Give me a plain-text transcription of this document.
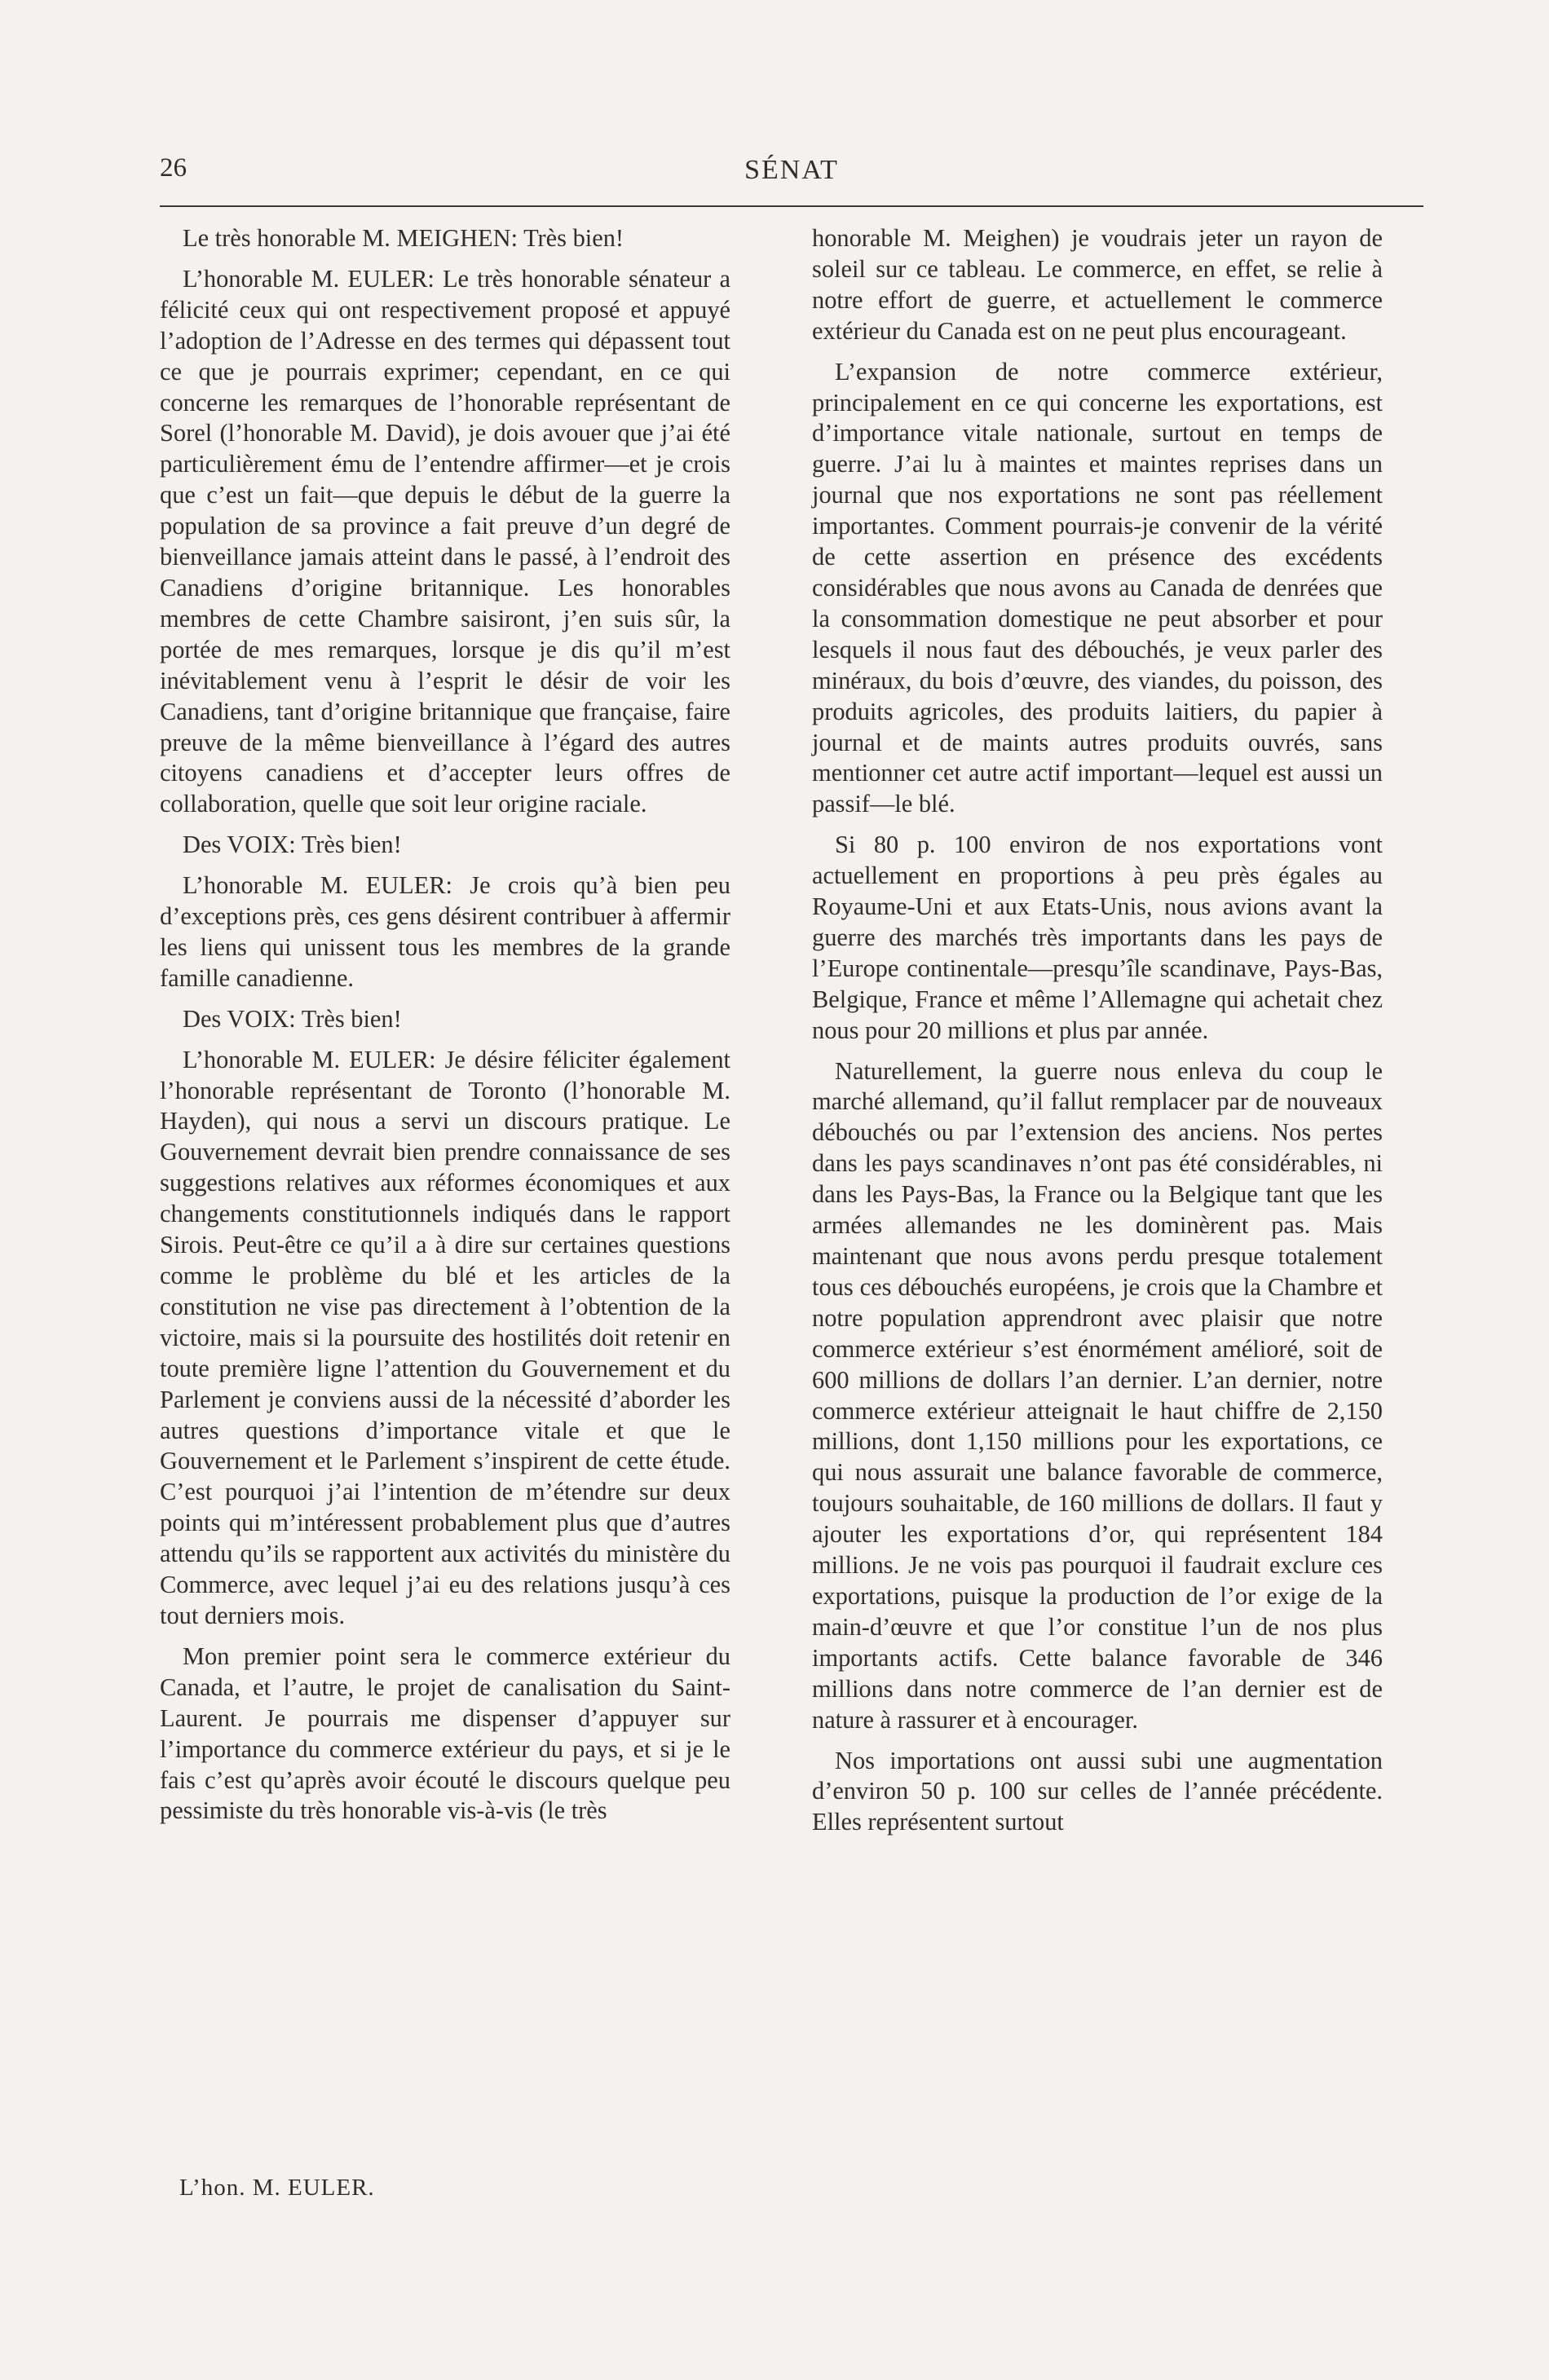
26	SÉNAT

Le très honorable M. MEIGHEN: Très bien!

L’honorable M. EULER: Le très honorable sénateur a félicité ceux qui ont respectivement proposé et appuyé l’adoption de l’Adresse en des termes qui dépassent tout ce que je pourrais exprimer; cependant, en ce qui concerne les remarques de l’honorable représentant de Sorel (l’honorable M. David), je dois avouer que j’ai été particulièrement ému de l’entendre affirmer—et je crois que c’est un fait—que depuis le début de la guerre la population de sa province a fait preuve d’un degré de bienveillance jamais atteint dans le passé, à l’endroit des Canadiens d’origine britannique. Les honorables membres de cette Chambre saisiront, j’en suis sûr, la portée de mes remarques, lorsque je dis qu’il m’est inévitablement venu à l’esprit le désir de voir les Canadiens, tant d’origine britannique que française, faire preuve de la même bienveillance à l’égard des autres citoyens canadiens et d’accepter leurs offres de collaboration, quelle que soit leur origine raciale.

Des VOIX: Très bien!

L’honorable M. EULER: Je crois qu’à bien peu d’exceptions près, ces gens désirent contribuer à affermir les liens qui unissent tous les membres de la grande famille canadienne.

Des VOIX: Très bien!

L’honorable M. EULER: Je désire féliciter également l’honorable représentant de Toronto (l’honorable M. Hayden), qui nous a servi un discours pratique. Le Gouvernement devrait bien prendre connaissance de ses suggestions relatives aux réformes économiques et aux changements constitutionnels indiqués dans le rapport Sirois. Peut-être ce qu’il a à dire sur certaines questions comme le problème du blé et les articles de la constitution ne vise pas directement à l’obtention de la victoire, mais si la poursuite des hostilités doit retenir en toute première ligne l’attention du Gouvernement et du Parlement je conviens aussi de la nécessité d’aborder les autres questions d’importance vitale et que le Gouvernement et le Parlement s’inspirent de cette étude. C’est pourquoi j’ai l’intention de m’étendre sur deux points qui m’intéressent probablement plus que d’autres attendu qu’ils se rapportent aux activités du ministère du Commerce, avec lequel j’ai eu des relations jusqu’à ces tout derniers mois.

Mon premier point sera le commerce extérieur du Canada, et l’autre, le projet de canalisation du Saint-Laurent. Je pourrais me dispenser d’appuyer sur l’importance du commerce extérieur du pays, et si je le fais c’est qu’après avoir écouté le discours quelque peu pessimiste du très honorable vis-à-vis (le très

honorable M. Meighen) je voudrais jeter un rayon de soleil sur ce tableau. Le commerce, en effet, se relie à notre effort de guerre, et actuellement le commerce extérieur du Canada est on ne peut plus encourageant.

L’expansion de notre commerce extérieur, principalement en ce qui concerne les exportations, est d’importance vitale nationale, surtout en temps de guerre. J’ai lu à maintes et maintes reprises dans un journal que nos exportations ne sont pas réellement importantes. Comment pourrais-je convenir de la vérité de cette assertion en présence des excédents considérables que nous avons au Canada de denrées que la consommation domestique ne peut absorber et pour lesquels il nous faut des débouchés, je veux parler des minéraux, du bois d’œuvre, des viandes, du poisson, des produits agricoles, des produits laitiers, du papier à journal et de maints autres produits ouvrés, sans mentionner cet autre actif important—lequel est aussi un passif—le blé.

Si 80 p. 100 environ de nos exportations vont actuellement en proportions à peu près égales au Royaume-Uni et aux Etats-Unis, nous avions avant la guerre des marchés très importants dans les pays de l’Europe continentale—presqu’île scandinave, Pays-Bas, Belgique, France et même l’Allemagne qui achetait chez nous pour 20 millions et plus par année.

Naturellement, la guerre nous enleva du coup le marché allemand, qu’il fallut remplacer par de nouveaux débouchés ou par l’extension des anciens. Nos pertes dans les pays scandinaves n’ont pas été considérables, ni dans les Pays-Bas, la France ou la Belgique tant que les armées allemandes ne les dominèrent pas. Mais maintenant que nous avons perdu presque totalement tous ces débouchés européens, je crois que la Chambre et notre population apprendront avec plaisir que notre commerce extérieur s’est énormément amélioré, soit de 600 millions de dollars l’an dernier. L’an dernier, notre commerce extérieur atteignait le haut chiffre de 2,150 millions, dont 1,150 millions pour les exportations, ce qui nous assurait une balance favorable de commerce, toujours souhaitable, de 160 millions de dollars. Il faut y ajouter les exportations d’or, qui représentent 184 millions. Je ne vois pas pourquoi il faudrait exclure ces exportations, puisque la production de l’or exige de la main-d’œuvre et que l’or constitue l’un de nos plus importants actifs. Cette balance favorable de 346 millions dans notre commerce de l’an dernier est de nature à rassurer et à encourager.

Nos importations ont aussi subi une augmentation d’environ 50 p. 100 sur celles de l’année précédente. Elles représentent surtout

L’hon. M. EULER.
